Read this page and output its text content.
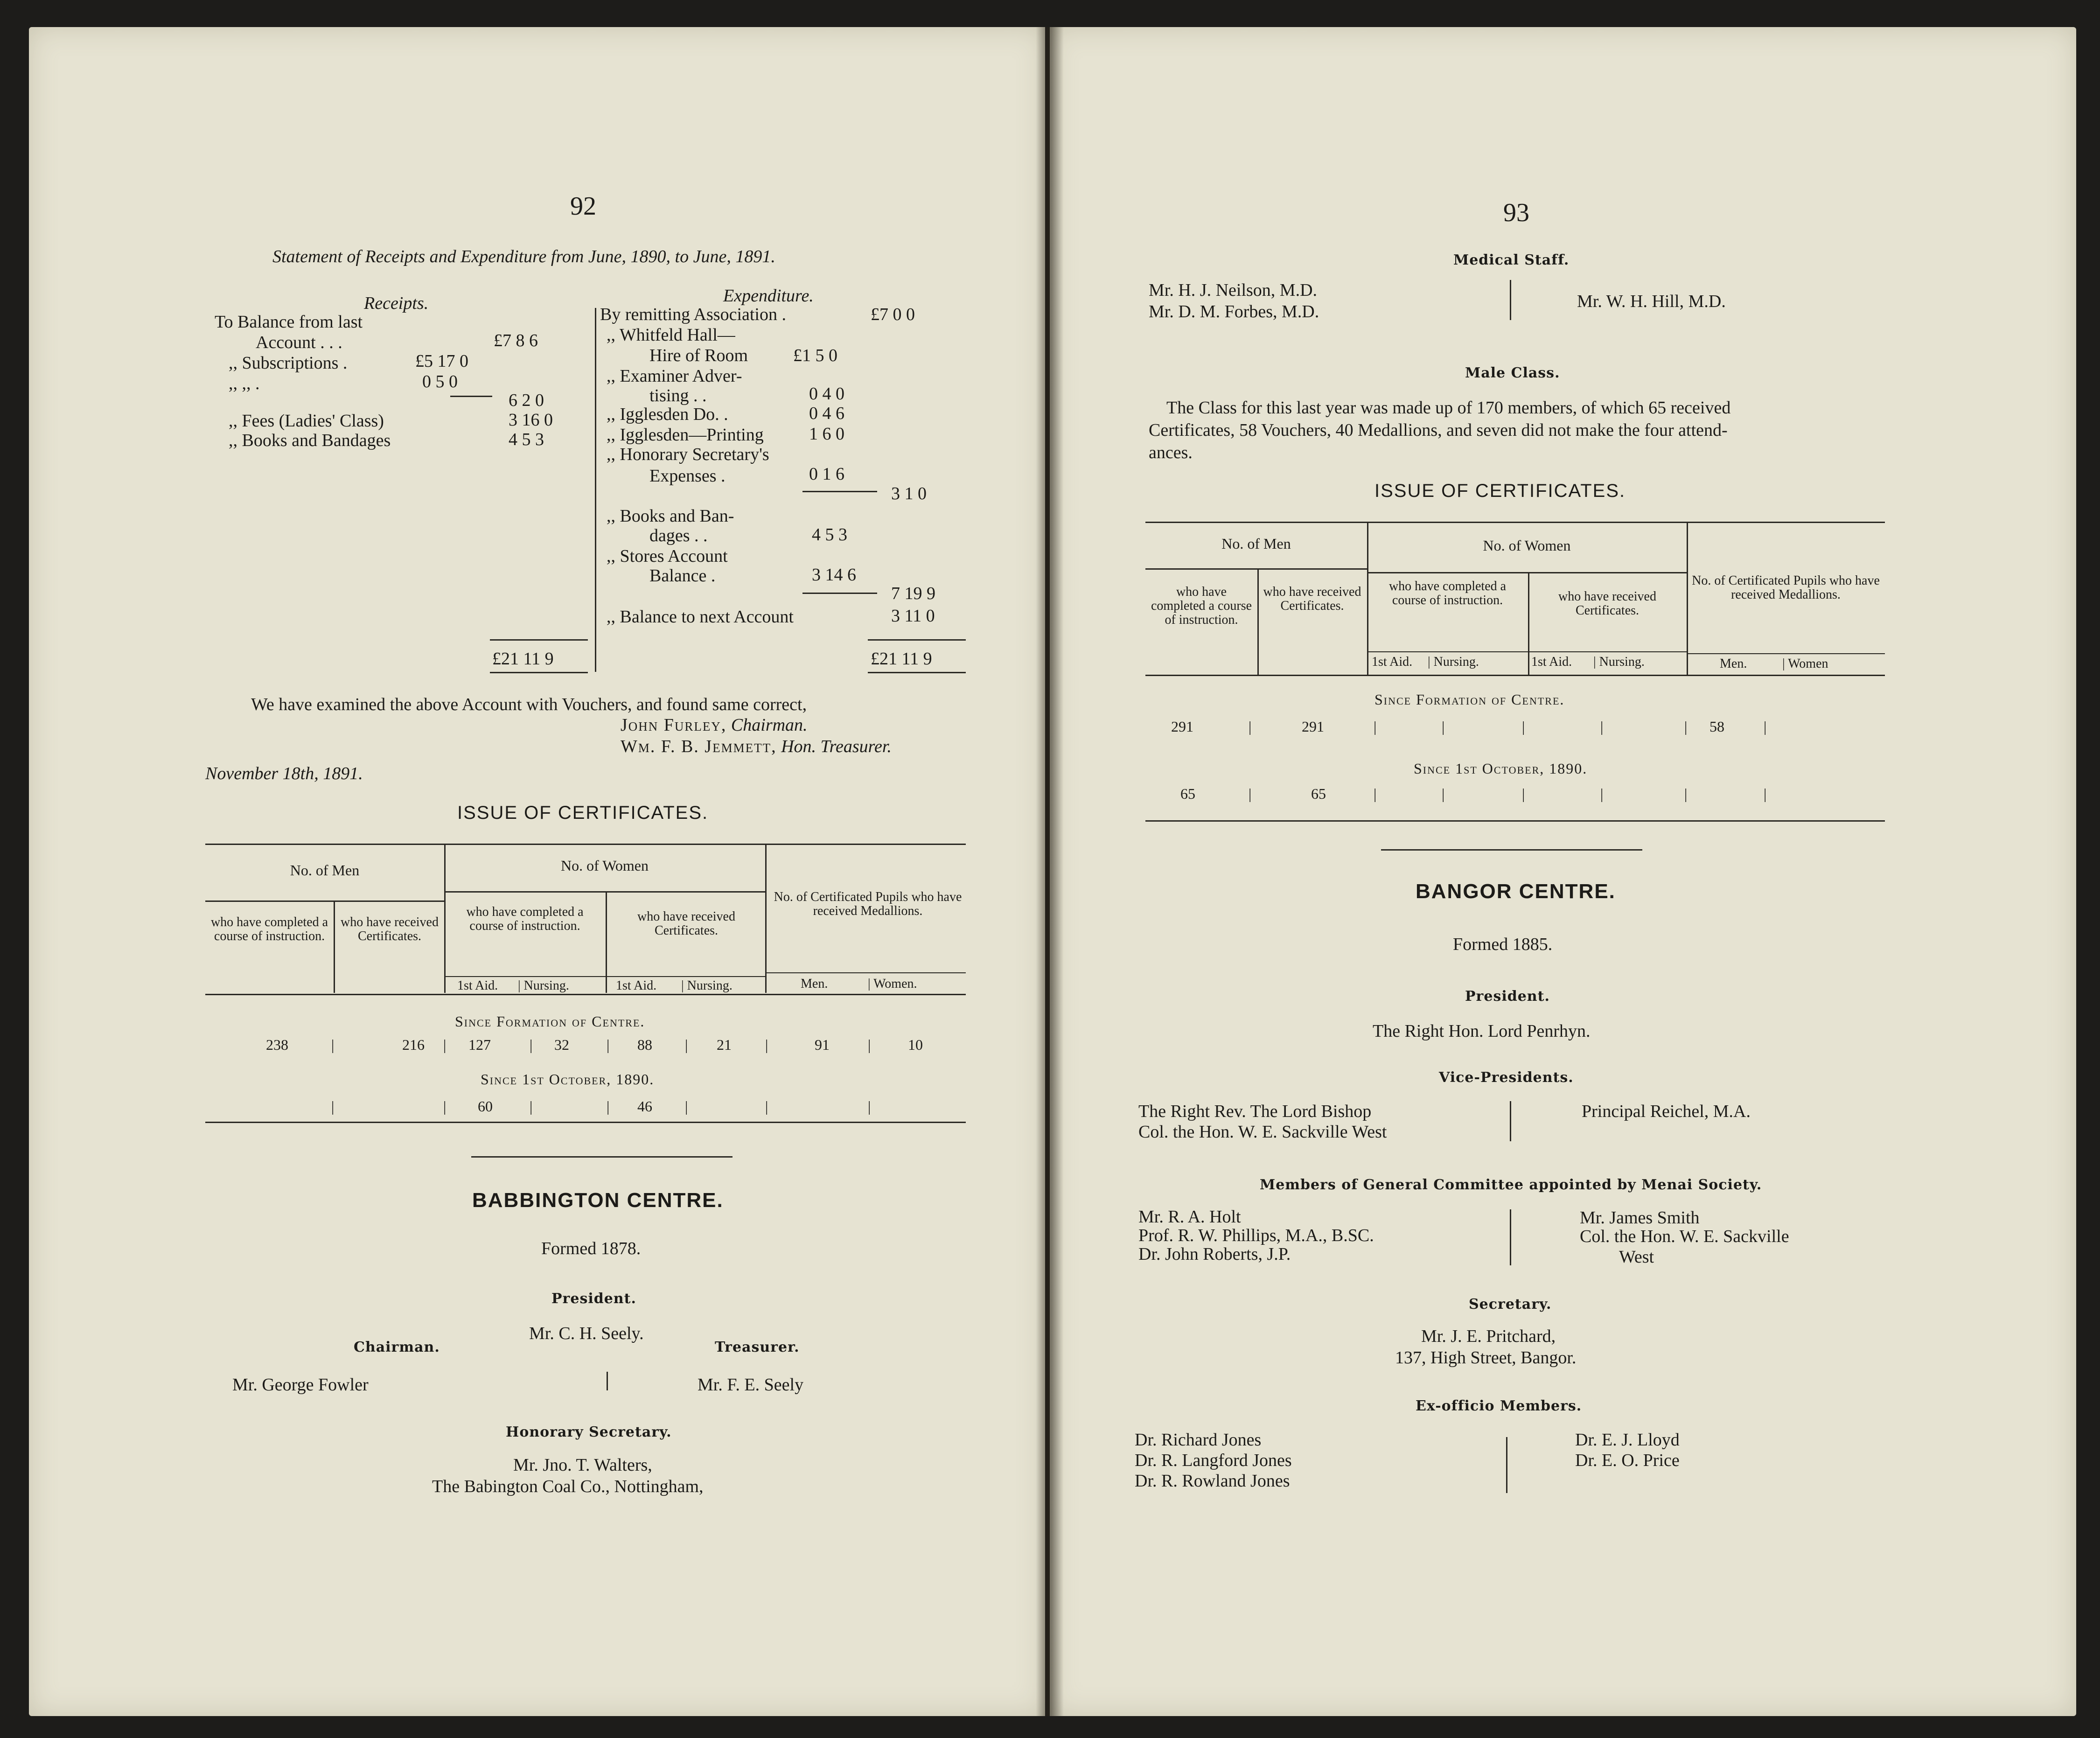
92
Statement of Receipts and Expenditure from June, 1890, to June, 1891.
Receipts.
To Balance from last
Account . . .	£7 8 6
,, Subscriptions .	£5 17 0
,, ,, .	0 5 0
6 2 0
,, Fees (Ladies' Class)	3 16 0
,, Books and Bandages	4 5 3
£21 11 9
Expenditure.
By remitting Association .	£7 0 0
,, Whitfeld Hall—
Hire of Room	£1 5 0
,, Examiner Adver-
tising . .	0 4 0
,, Igglesden Do. .	0 4 6
,, Igglesden—Printing	1 6 0
,, Honorary Secretary's
Expenses .	0 1 6
3 1 0
,, Books and Ban-
dages . .	4 5 3
,, Stores Account
Balance .	3 14 6
7 19 9
,, Balance to next Account	3 11 0
£21 11 9
We have examined the above Account with Vouchers, and found same correct,
John Furley, Chairman.
Wm. F. B. Jemmett, Hon. Treasurer.
November 18th, 1891.
ISSUE OF CERTIFICATES.
No. of Men	No. of Women
No. of Certificated Pupils who have received Medallions.
who have completed a course of instruction.
who have received Certificates.
who have completed a course of instruction.
who have received Certificates.
1st Aid. | Nursing.	1st Aid. | Nursing.	Men.	| Women.
Since Formation of Centre.
238	|	216 | 127	| 32	| 88 | 21 |	91	| 10
Since 1st October, 1890.
|	| 60 |	| 46 |	|	|
BABBINGTON CENTRE.
Formed 1878.
President.
Mr. C. H. Seely.
Chairman.	Treasurer.
Mr. George Fowler	Mr. F. E. Seely
Honorary Secretary.
Mr. Jno. T. Walters,
The Babington Coal Co., Nottingham,
93
Medical Staff.
Mr. H. J. Neilson, M.D.
Mr. D. M. Forbes, M.D.
Mr. W. H. Hill, M.D.
Male Class.
The Class for this last year was made up of 170 members, of which 65 received
Certificates, 58 Vouchers, 40 Medallions, and seven did not make the four attend-
ances.
ISSUE OF CERTIFICATES.
No. of Men	No. of Women
No. of Certificated Pupils who have received Medallions.
who have completed a course of instruction.
who have received Certificates.
who have completed a course of instruction.	who have received Certificates.
1st Aid. | Nursing.	1st Aid. | Nursing.	Men.	| Women
Since Formation of Centre.
291	|	291	|	|	|	|	| 58	|
Since 1st October, 1890.
65	|	65	|	|	|	|	|	|
BANGOR CENTRE.
Formed 1885.
President.
The Right Hon. Lord Penrhyn.
Vice-Presidents.
The Right Rev. The Lord Bishop
Col. the Hon. W. E. Sackville West
Principal Reichel, M.A.
Members of General Committee appointed by Menai Society.
Mr. R. A. Holt
Prof. R. W. Phillips, M.A., B.SC.
Dr. John Roberts, J.P.
Mr. James Smith
Col. the Hon. W. E. Sackville
West
Secretary.
Mr. J. E. Pritchard,
137, High Street, Bangor.
Ex-officio Members.
Dr. Richard Jones
Dr. R. Langford Jones
Dr. R. Rowland Jones
Dr. E. J. Lloyd
Dr. E. O. Price
